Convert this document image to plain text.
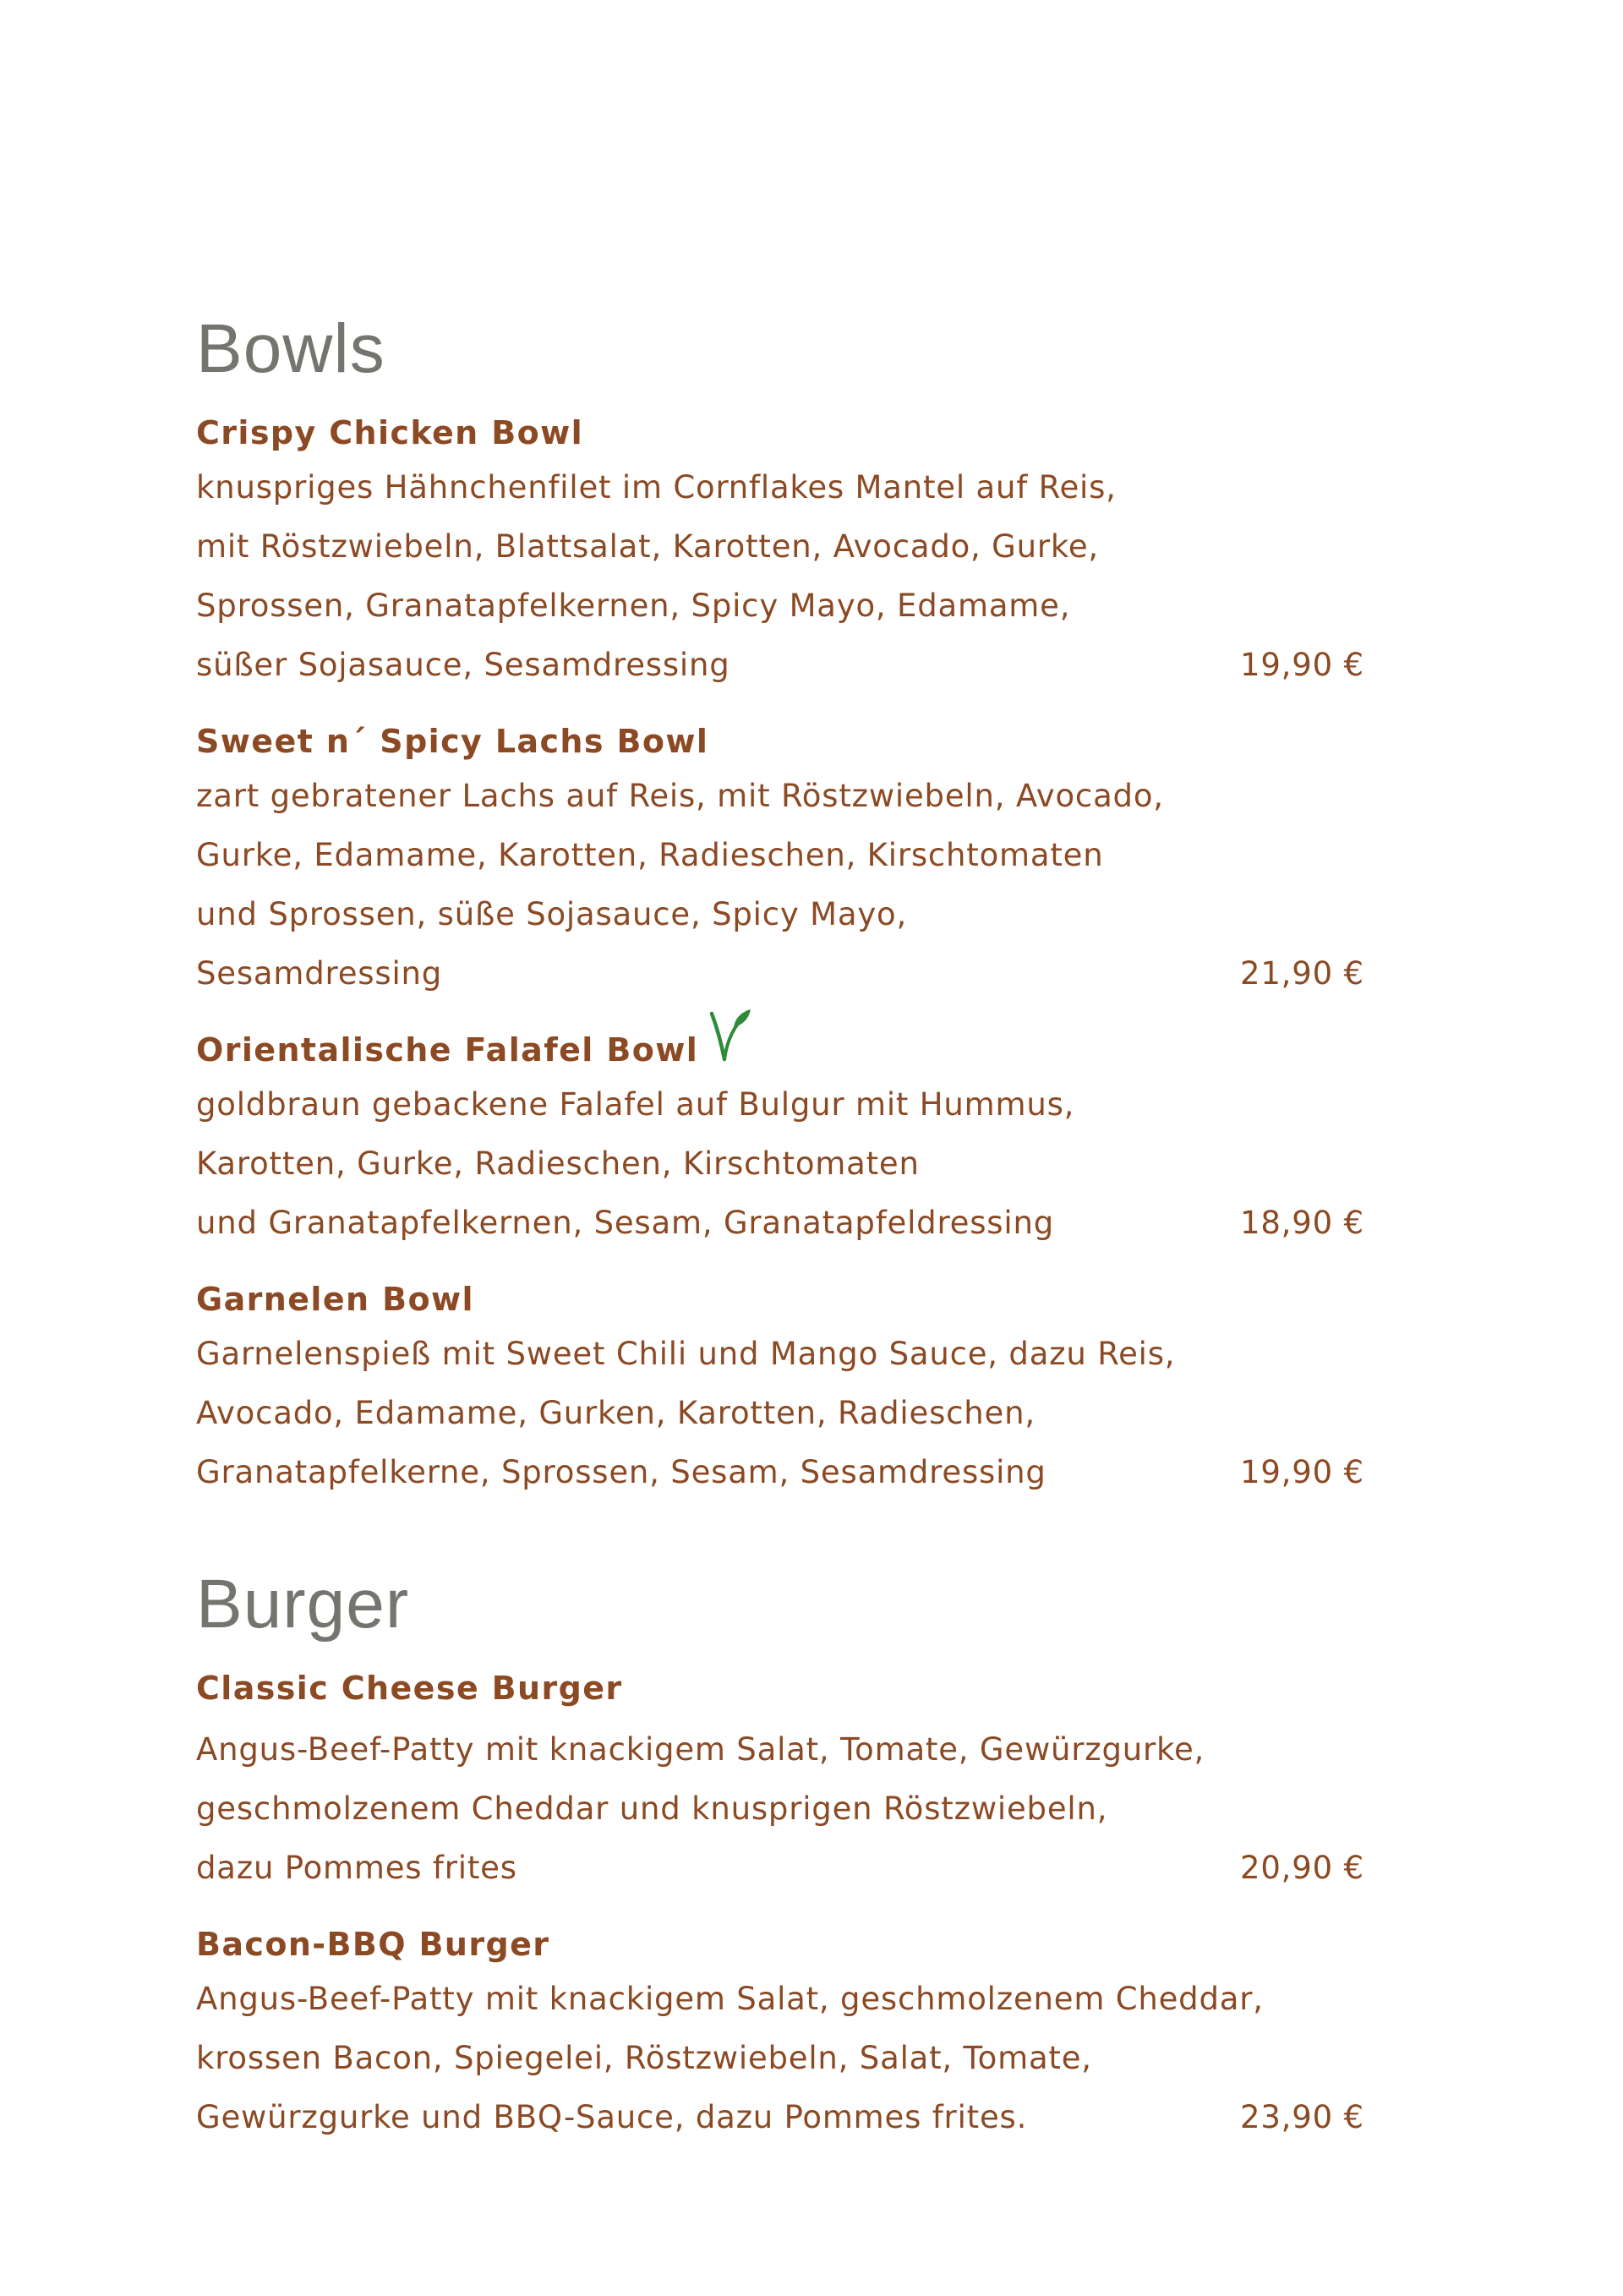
Bowls
Crispy Chicken Bowl
knuspriges Hähnchenfilet im Cornflakes Mantel auf Reis,
mit Röstzwiebeln, Blattsalat, Karotten, Avocado, Gurke,
Sprossen, Granatapfelkernen, Spicy Mayo, Edamame,
süßer Sojasauce, Sesamdressing	19,90 €
Sweet n´ Spicy Lachs Bowl
zart gebratener Lachs auf Reis, mit Röstzwiebeln, Avocado,
Gurke, Edamame, Karotten, Radieschen, Kirschtomaten
und Sprossen, süße Sojasauce, Spicy Mayo,
Sesamdressing	21,90 €
Orientalische Falafel Bowl
goldbraun gebackene Falafel auf Bulgur mit Hummus,
Karotten, Gurke, Radieschen, Kirschtomaten
und Granatapfelkernen, Sesam, Granatapfeldressing	18,90 €
Garnelen Bowl
Garnelenspieß mit Sweet Chili und Mango Sauce, dazu Reis,
Avocado, Edamame, Gurken, Karotten, Radieschen,
Granatapfelkerne, Sprossen, Sesam, Sesamdressing	19,90 €
Burger
Classic Cheese Burger
Angus-Beef-Patty mit knackigem Salat, Tomate, Gewürzgurke,
geschmolzenem Cheddar und knusprigen Röstzwiebeln,
dazu Pommes frites	20,90 €
Bacon-BBQ Burger
Angus-Beef-Patty mit knackigem Salat, geschmolzenem Cheddar,
krossen Bacon, Spiegelei, Röstzwiebeln, Salat, Tomate,
Gewürzgurke und BBQ-Sauce, dazu Pommes frites.	23,90 €
